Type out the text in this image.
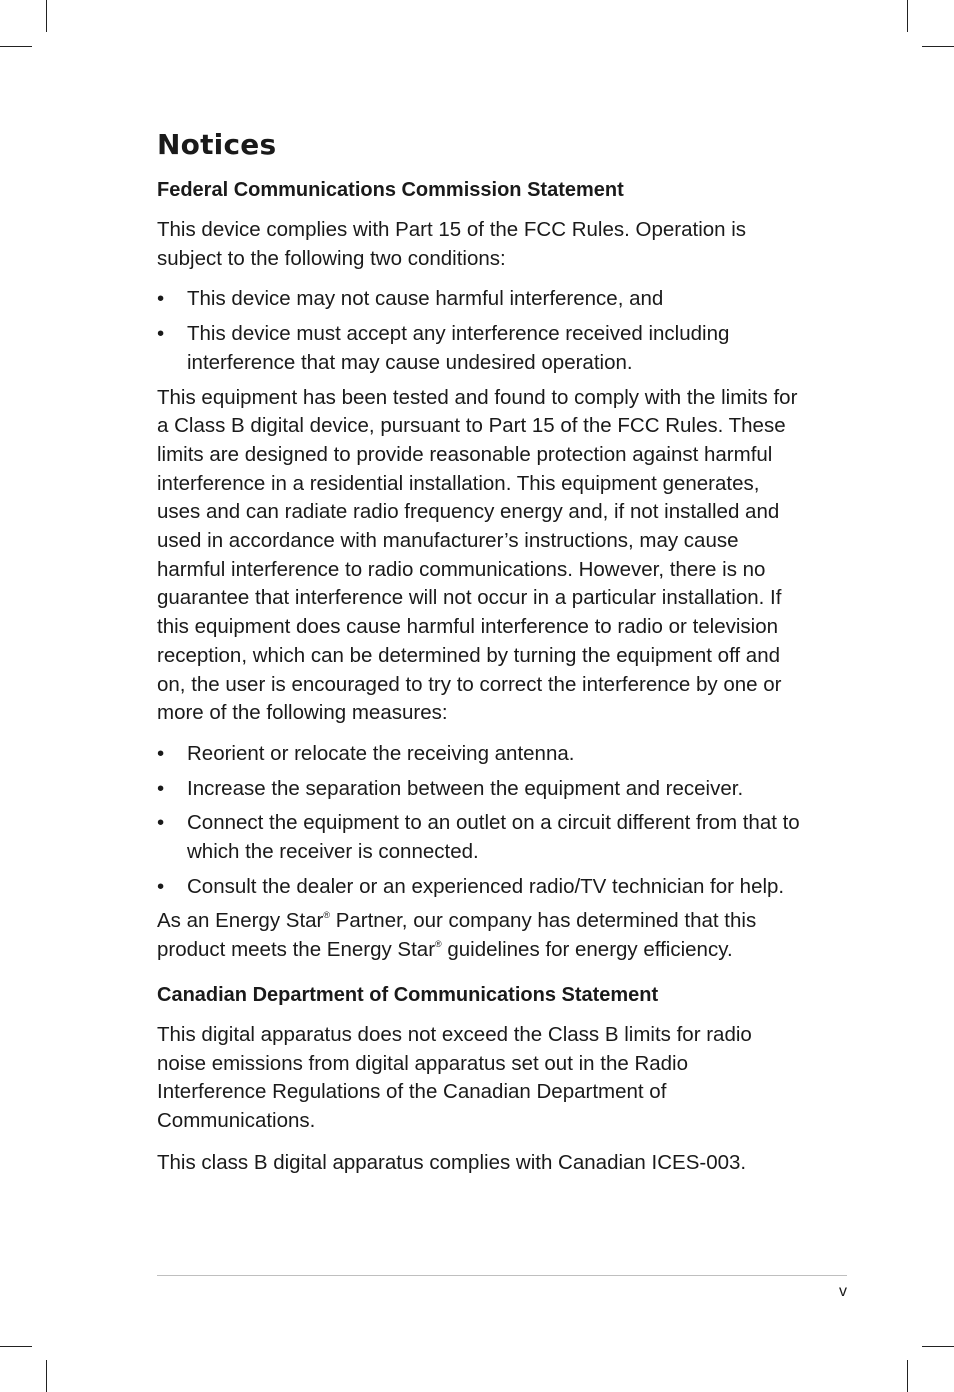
Notices
Federal Communications Commission Statement

This device complies with Part 15 of the FCC Rules. Operation is subject to the following two conditions:

•	This device may not cause harmful interference, and
•	This device must accept any interference received including interference that may cause undesired operation.

This equipment has been tested and found to comply with the limits for a Class B digital device, pursuant to Part 15 of the FCC Rules. These limits are designed to provide reasonable protection against harmful interference in a residential installation. This equipment generates, uses and can radiate radio frequency energy and, if not installed and used in accordance with manufacturer’s instructions, may cause harmful interference to radio communications. However, there is no guarantee that interference will not occur in a particular installation. If this equipment does cause harmful interference to radio or television reception, which can be determined by turning the equipment off and on, the user is encouraged to try to correct the interference by one or more of the following measures:

•	Reorient or relocate the receiving antenna.
•	Increase the separation between the equipment and receiver.
•	Connect the equipment to an outlet on a circuit different from that to which the receiver is connected.
•	Consult the dealer or an experienced radio/TV technician for help.

As an Energy Star® Partner, our company has determined that this product meets the Energy Star® guidelines for energy efficiency.

Canadian Department of Communications Statement

This digital apparatus does not exceed the Class B limits for radio noise emissions from digital apparatus set out in the Radio Interference Regulations of the Canadian Department of Communications.

This class B digital apparatus complies with Canadian ICES-003.

v
